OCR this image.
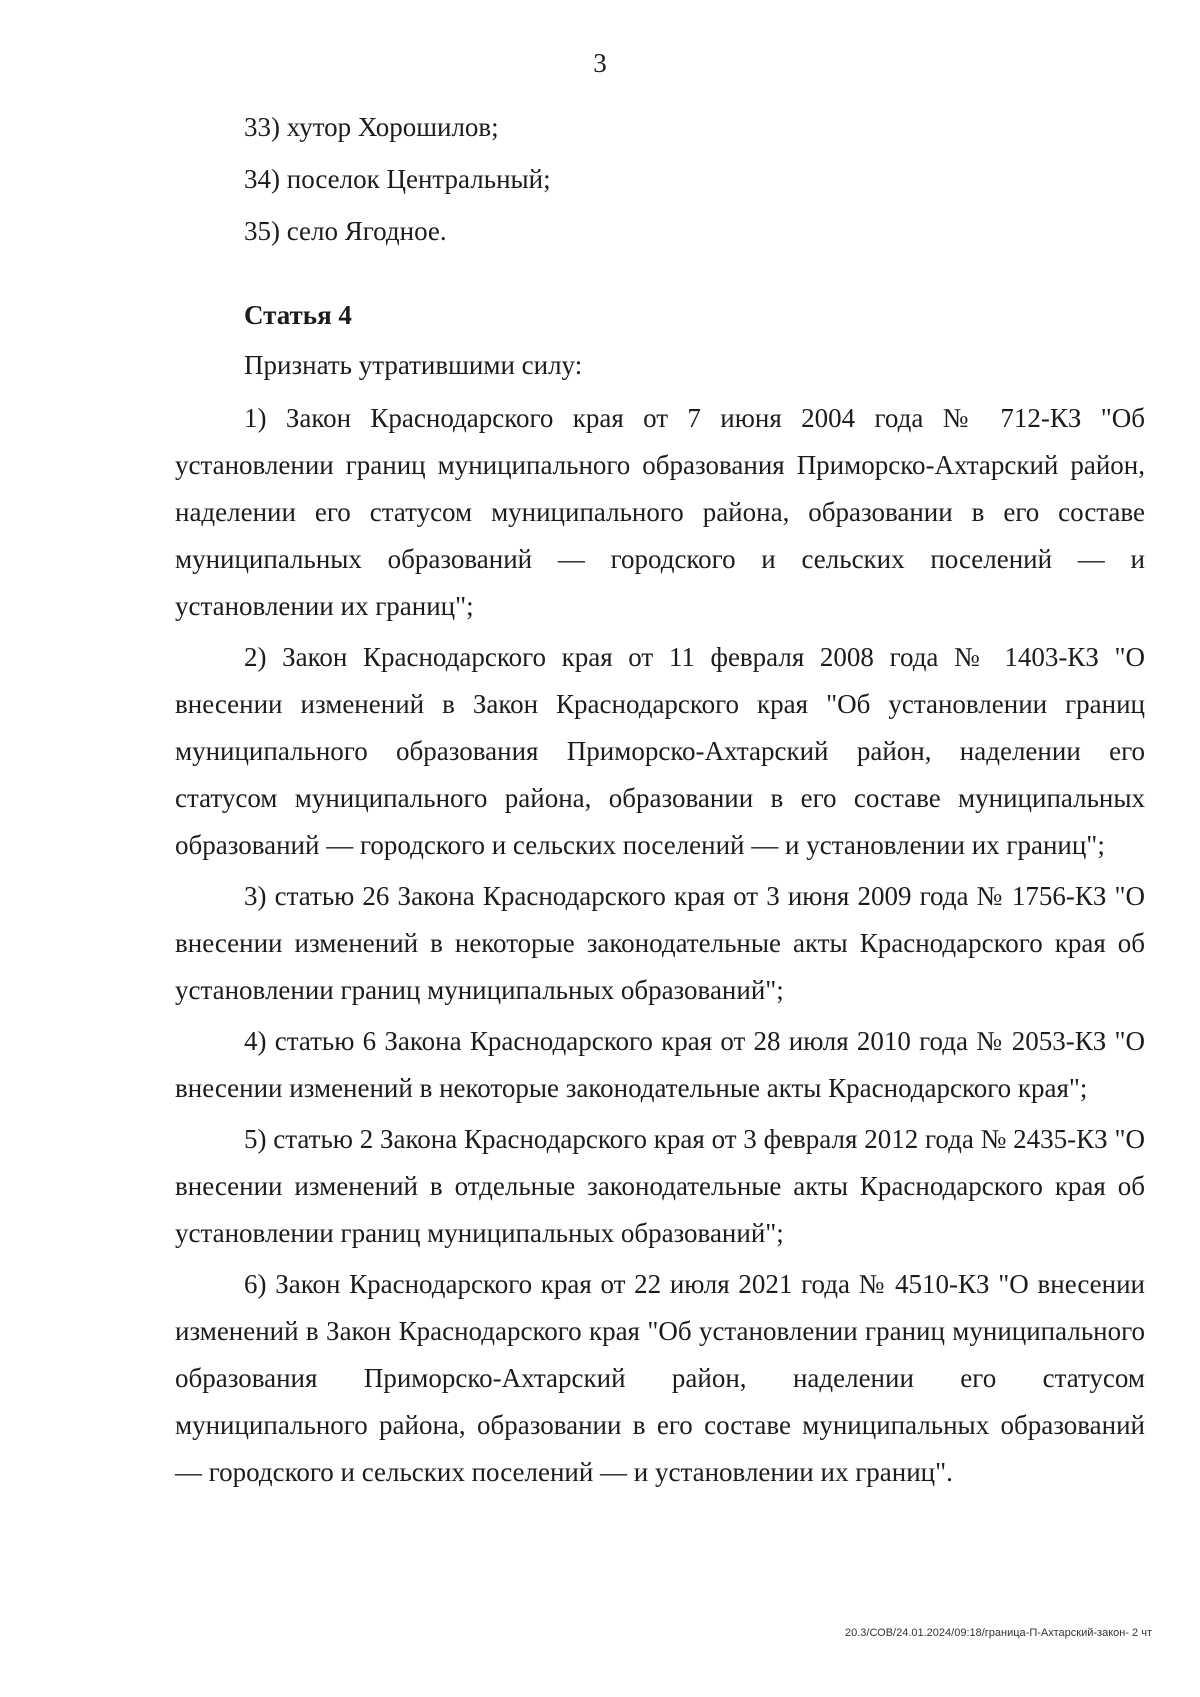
3
33) хутор Хорошилов;
34) поселок Центральный;
35) село Ягодное.
Статья 4
Признать утратившими силу:

1) Закон Краснодарского края от 7 июня 2004 года № 712-КЗ "Об установлении границ муниципального образования Приморско-Ахтарский район, наделении его статусом муниципального района, образовании в его составе муниципальных образований — городского и сельских поселений — и установлении их границ";

2) Закон Краснодарского края от 11 февраля 2008 года № 1403-КЗ "О внесении изменений в Закон Краснодарского края "Об установлении границ муниципального образования Приморско-Ахтарский район, наделении его статусом муниципального района, образовании в его составе муниципальных образований — городского и сельских поселений — и установлении их границ";

3) статью 26 Закона Краснодарского края от 3 июня 2009 года № 1756-КЗ "О внесении изменений в некоторые законодательные акты Краснодарского края об установлении границ муниципальных образований";

4) статью 6 Закона Краснодарского края от 28 июля 2010 года № 2053-КЗ "О внесении изменений в некоторые законодательные акты Краснодарского края";

5) статью 2 Закона Краснодарского края от 3 февраля 2012 года № 2435-КЗ "О внесении изменений в отдельные законодательные акты Краснодарского края об установлении границ муниципальных образований";

6) Закон Краснодарского края от 22 июля 2021 года № 4510-КЗ "О внесении изменений в Закон Краснодарского края "Об установлении границ муниципального образования Приморско-Ахтарский район, наделении его статусом муниципального района, образовании в его составе муниципальных образований — городского и сельских поселений — и установлении их границ".

20.3/СОВ/24.01.2024/09:18/граница-П-Ахтарский-закон- 2 чт
